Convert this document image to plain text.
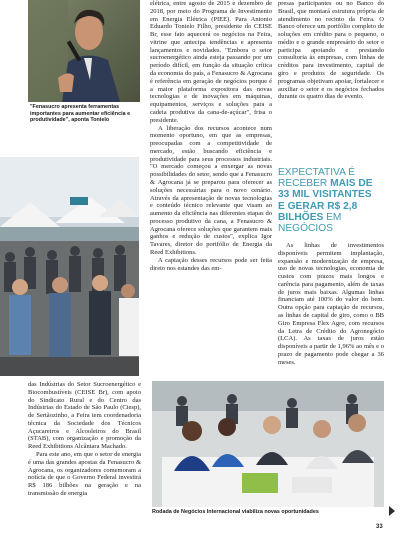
"Fenasucro apresenta ferramentas importantes para aumentar eficiência e produtividade", aponta Tonielo

elétrica, entre agosto de 2015 e dezembro de 2018, por meio do Programa de Investimento em Energia Elétrica (PIEE). Para Antonio Eduardo Tonielo Filho, presidente do CEISE Br, esse fato aquecerá os negócios na Feira, vitrine que antecipa tendências e apresenta lançamentos e novidades. "Embora o setor sucroenergético ainda esteja passando por um período difícil, em função da situação crítica da economia do país, a Fenasucro & Agrocana é referência em geração de negócios porque é a maior plataforma expositora das novas tecnologias e de inovações em máquinas, equipamentos, serviços e soluções para a cadeia produtiva da cana-de-açúcar", frisa o presidente.

A liberação dos recursos acontece num momento oportuno, em que as empresas, preocupadas com a competitividade de mercado, estão buscando eficiência e produtividade para seus processos industriais. "O mercado começou a enxergar as novas possibilidades do setor, sendo que a Fenasucro & Agrocana já se preparou para oferecer as soluções necessárias para o novo cenário. Através da apresentação de novas tecnologias e conteúdo técnico relevante que visam ao aumento da eficiência nas diferentes etapas do processo produtivo da cana, a Fenasucro & Agrocana oferece soluções que garantem mais ganhos e redução de custos", explica Igor Tavares, diretor do portfólio de Energia da Reed Exhibitions.

A captação desses recursos pode ser feita direto nos estandes das em-

presas participantes ou no Banco do Brasil, que montará estrutura própria de atendimento no recinto da Feira. O Banco oferece um portfólio completo de soluções em crédito para o pequeno, o médio e o grande empresário do setor e participa apoiando e prestando consultoria às empresas, com linhas de créditos para investimento, capital de giro e produtos de seguridade. Os programas objetivam apoiar, fortalecer e auxiliar o setor e os negócios fechados durante os quatro dias de evento.

EXPECTATIVA É RECEBER MAIS DE 33 MIL VISITANTES E GERAR R$ 2,8 BILHÕES EM NEGÓCIOS

As linhas de investimentos disponíveis permitem implantação, expansão e modernização de empresa, uso de novas tecnologias, economia de custos com prazos mais longos e carência para pagamento, além de taxas de juros mais baixas. Algumas linhas financiam até 100% do valor do bem. Outra opção para captação de recursos, as linhas de capital de giro, como o BB Giro Empresa Flex Agro, com recursos da Letra de Crédito do Agronegócio (LCA). As taxas de juros estão disponíveis a partir de 1,96% ao mês e o prazo de pagamento pode chegar a 36 meses.

das Indústrias do Setor Sucroenergético e Biocombustíveis (CEISE Br), com apoio do Sindicato Rural e do Centro das Indústrias do Estado de São Paulo (Ciesp), de Sertãozinho, a Feira tem coordenadoria técnica da Sociedade dos Técnicos Açucareiros e Alcooleiros do Brasil (STAB), com organização e promoção da Reed Exhibitions Alcântara Machado.

Para este ano, em que o setor de energia é uma das grandes apostas da Fenasucro & Agrocana, os organizadores comemoram a notícia de que o Governo Federal investirá R$ 186 bilhões na geração e na transmissão de energia

Rodada de Negócios Internacional viabiliza novas oportunidades
33
